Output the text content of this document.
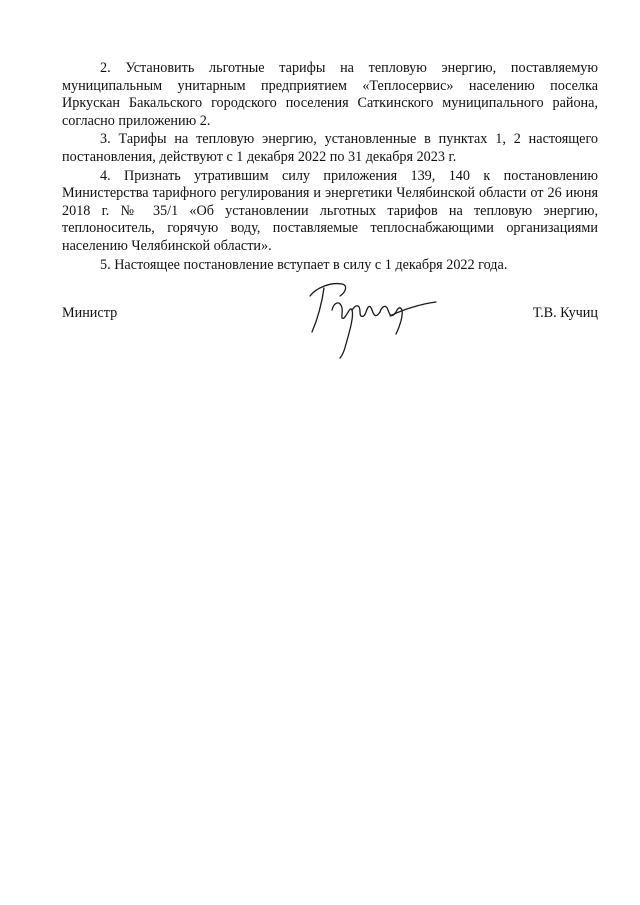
2. Установить льготные тарифы на тепловую энергию, поставляемую муниципальным унитарным предприятием «Теплосервис» населению поселка Иркускан Бакальского городского поселения Саткинского муниципального района, согласно приложению 2.

3. Тарифы на тепловую энергию, установленные в пунктах 1, 2 настоящего постановления, действуют с 1 декабря 2022 по 31 декабря 2023 г.

4. Признать утратившим силу приложения 139, 140 к постановлению Министерства тарифного регулирования и энергетики Челябинской области от 26 июня 2018 г. № 35/1 «Об установлении льготных тарифов на тепловую энергию, теплоноситель, горячую воду, поставляемые теплоснабжающими организациями населению Челябинской области».

5. Настоящее постановление вступает в силу с 1 декабря 2022 года.

Министр	Т.В. Кучиц
